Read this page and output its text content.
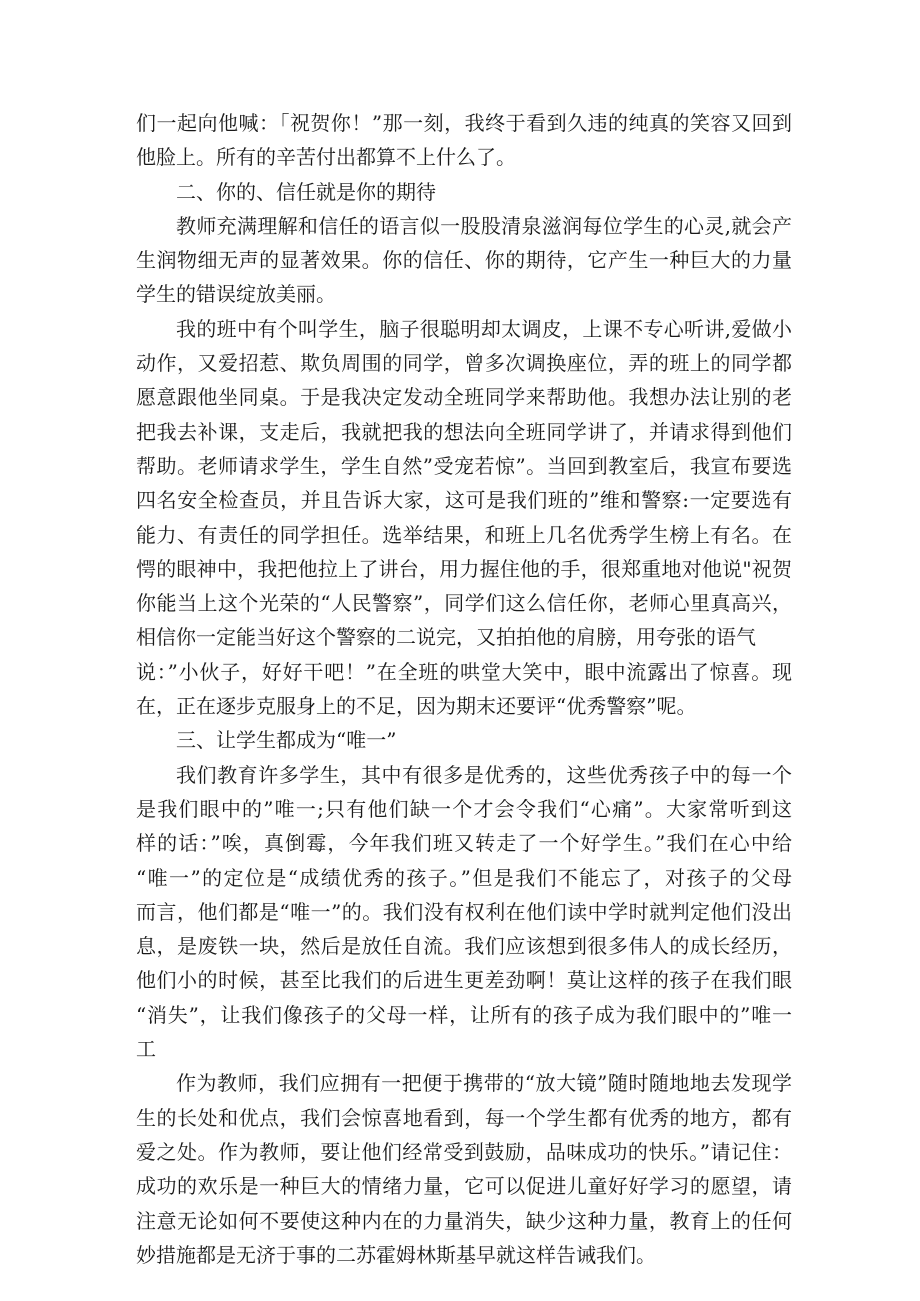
们一起向他喊：「祝贺你！”那一刻，我终于看到久违的纯真的笑容又回到
他脸上。所有的辛苦付出都算不上什么了。
二、你的、信任就是你的期待
教师充满理解和信任的语言似一股股清泉滋润每位学生的心灵,就会产
生润物细无声的显著效果。你的信任、你的期待，它产生一种巨大的力量
学生的错误绽放美丽。
我的班中有个叫学生，脑子很聪明却太调皮，上课不专心听讲,爱做小
动作，又爱招惹、欺负周围的同学，曾多次调换座位，弄的班上的同学都
愿意跟他坐同桌。于是我决定发动全班同学来帮助他。我想办法让别的老
把我去补课，支走后，我就把我的想法向全班同学讲了，并请求得到他们
帮助。老师请求学生，学生自然”受宠若惊”。当回到教室后，我宣布要选
四名安全检查员，并且告诉大家，这可是我们班的”维和警察:一定要选有
能力、有责任的同学担任。选举结果，和班上几名优秀学生榜上有名。在
愕的眼神中，我把他拉上了讲台，用力握住他的手，很郑重地对他说"祝贺
你能当上这个光荣的“人民警察”，同学们这么信任你，老师心里真高兴，
相信你一定能当好这个警察的二说完，又拍拍他的肩膀，用夸张的语气
说：”小伙子，好好干吧！”在全班的哄堂大笑中，眼中流露出了惊喜。现
在，正在逐步克服身上的不足，因为期末还要评“优秀警察”呢。
三、让学生都成为“唯一”
我们教育许多学生，其中有很多是优秀的，这些优秀孩子中的每一个
是我们眼中的”唯一;只有他们缺一个才会令我们“心痛”。大家常听到这
样的话：”唉，真倒霉，今年我们班又转走了一个好学生。”我们在心中给
“唯一”的定位是“成绩优秀的孩子。”但是我们不能忘了，对孩子的父母
而言，他们都是“唯一”的。我们没有权利在他们读中学时就判定他们没出
息，是废铁一块，然后是放任自流。我们应该想到很多伟人的成长经历，
他们小的时候，甚至比我们的后进生更差劲啊！莫让这样的孩子在我们眼
“消失”，让我们像孩子的父母一样，让所有的孩子成为我们眼中的”唯一
工
作为教师，我们应拥有一把便于携带的“放大镜”随时随地地去发现学
生的长处和优点，我们会惊喜地看到，每一个学生都有优秀的地方，都有
爱之处。作为教师，要让他们经常受到鼓励，品味成功的快乐。”请记住：
成功的欢乐是一种巨大的情绪力量，它可以促进儿童好好学习的愿望，请
注意无论如何不要使这种内在的力量消失，缺少这种力量，教育上的任何
妙措施都是无济于事的二苏霍姆林斯基早就这样告诫我们。
